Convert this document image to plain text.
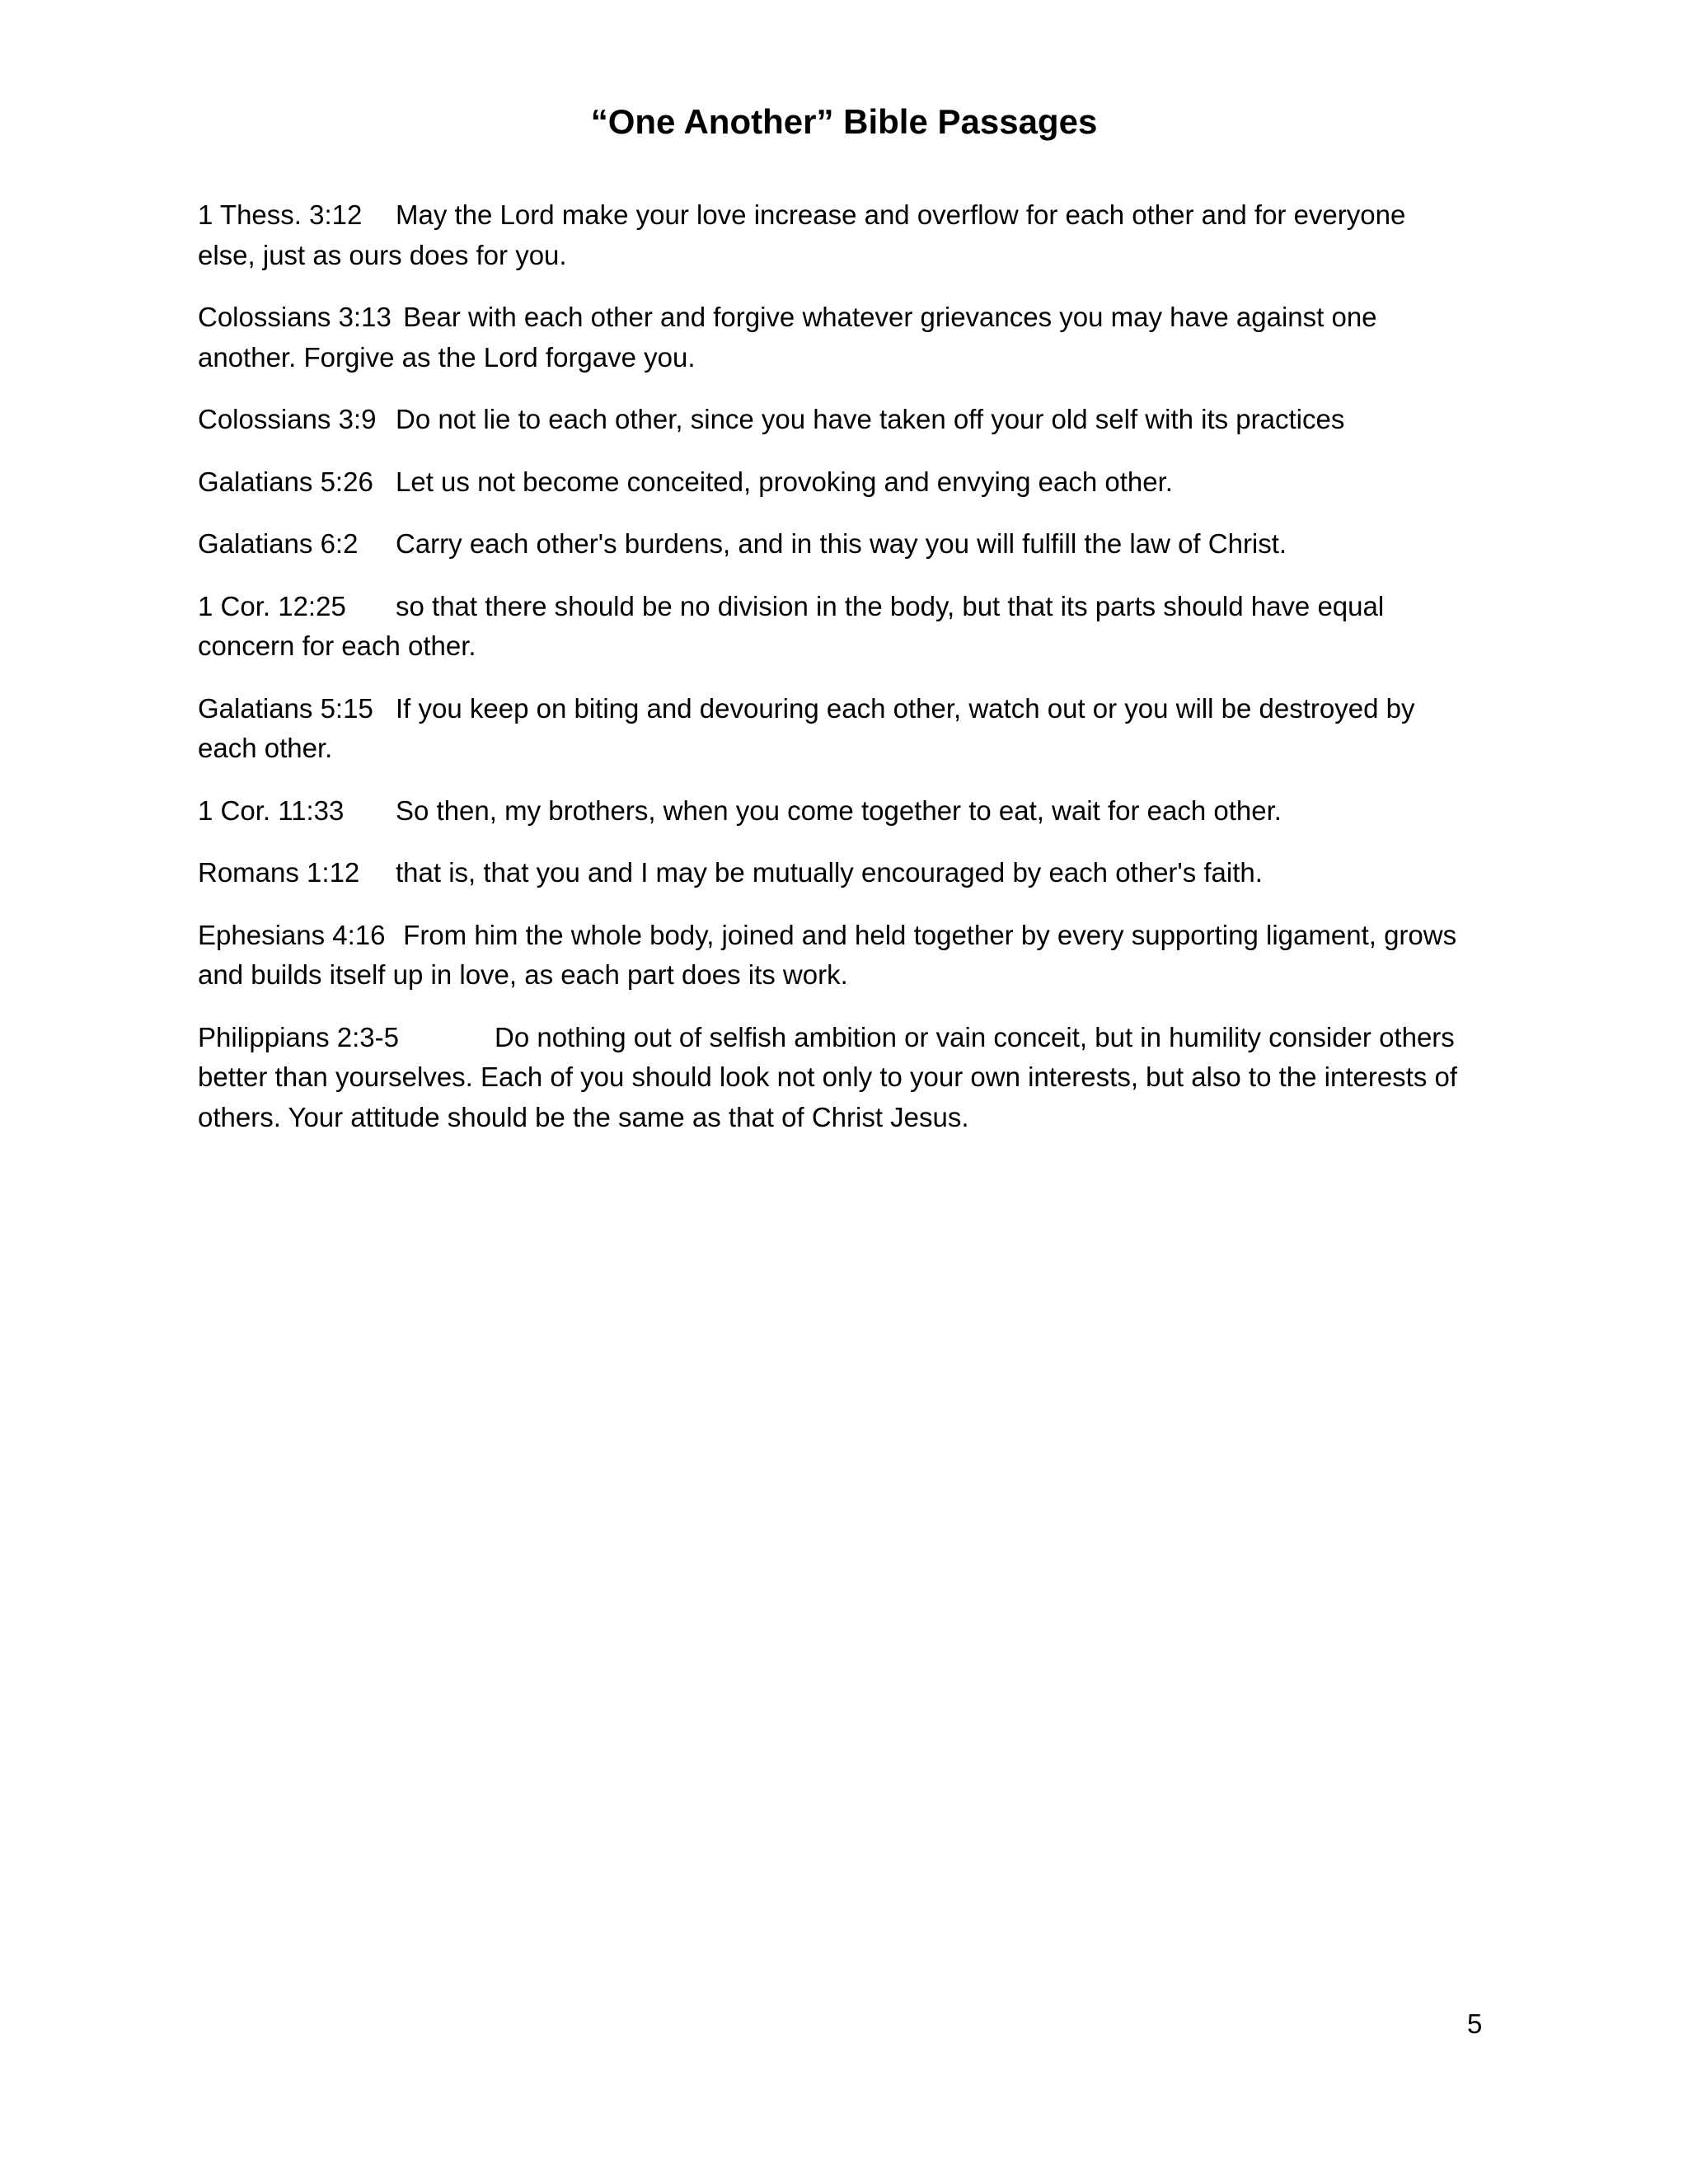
“One Another” Bible Passages
1 Thess. 3:12 May the Lord make your love increase and overflow for each other and for everyone else, just as ours does for you.
Colossians 3:13 Bear with each other and forgive whatever grievances you may have against one another. Forgive as the Lord forgave you.
Colossians 3:9 Do not lie to each other, since you have taken off your old self with its practices
Galatians 5:26 Let us not become conceited, provoking and envying each other.
Galatians 6:2 Carry each other's burdens, and in this way you will fulfill the law of Christ.
1 Cor. 12:25 so that there should be no division in the body, but that its parts should have equal concern for each other.
Galatians 5:15 If you keep on biting and devouring each other, watch out or you will be destroyed by each other.
1 Cor. 11:33 So then, my brothers, when you come together to eat, wait for each other.
Romans 1:12 that is, that you and I may be mutually encouraged by each other's faith.
Ephesians 4:16 From him the whole body, joined and held together by every supporting ligament, grows and builds itself up in love, as each part does its work.
Philippians 2:3-5	Do nothing out of selfish ambition or vain conceit, but in humility consider others better than yourselves. Each of you should look not only to your own interests, but also to the interests of others. Your attitude should be the same as that of Christ Jesus.
5
